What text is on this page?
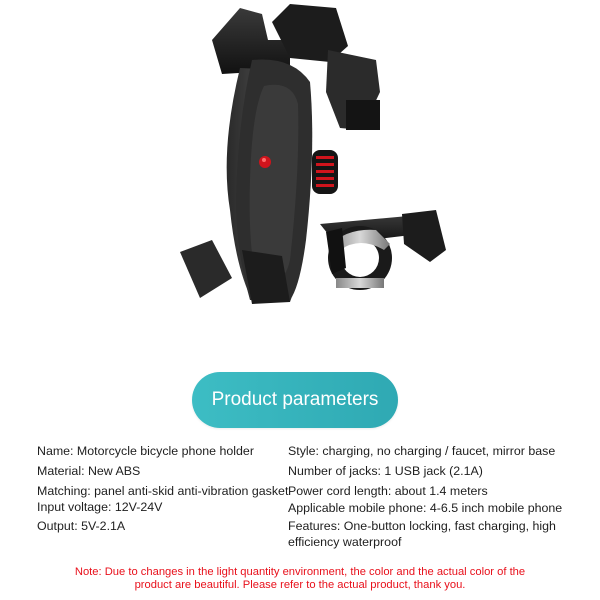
Product parameters
Name: Motorcycle bicycle phone holder
Material: New ABS
Matching: panel anti-skid anti-vibration gasket
Input voltage: 12V-24V
Output: 5V-2.1A
Style: charging, no charging / faucet, mirror base
Number of jacks: 1 USB jack (2.1A)
Power cord length: about 1.4 meters
Applicable mobile phone: 4-6.5 inch mobile phone
Features: One-button locking, fast charging, high efficiency waterproof
Note: Due to changes in the light quantity environment, the color and the actual color of the
product are beautiful. Please refer to the actual product, thank you.
